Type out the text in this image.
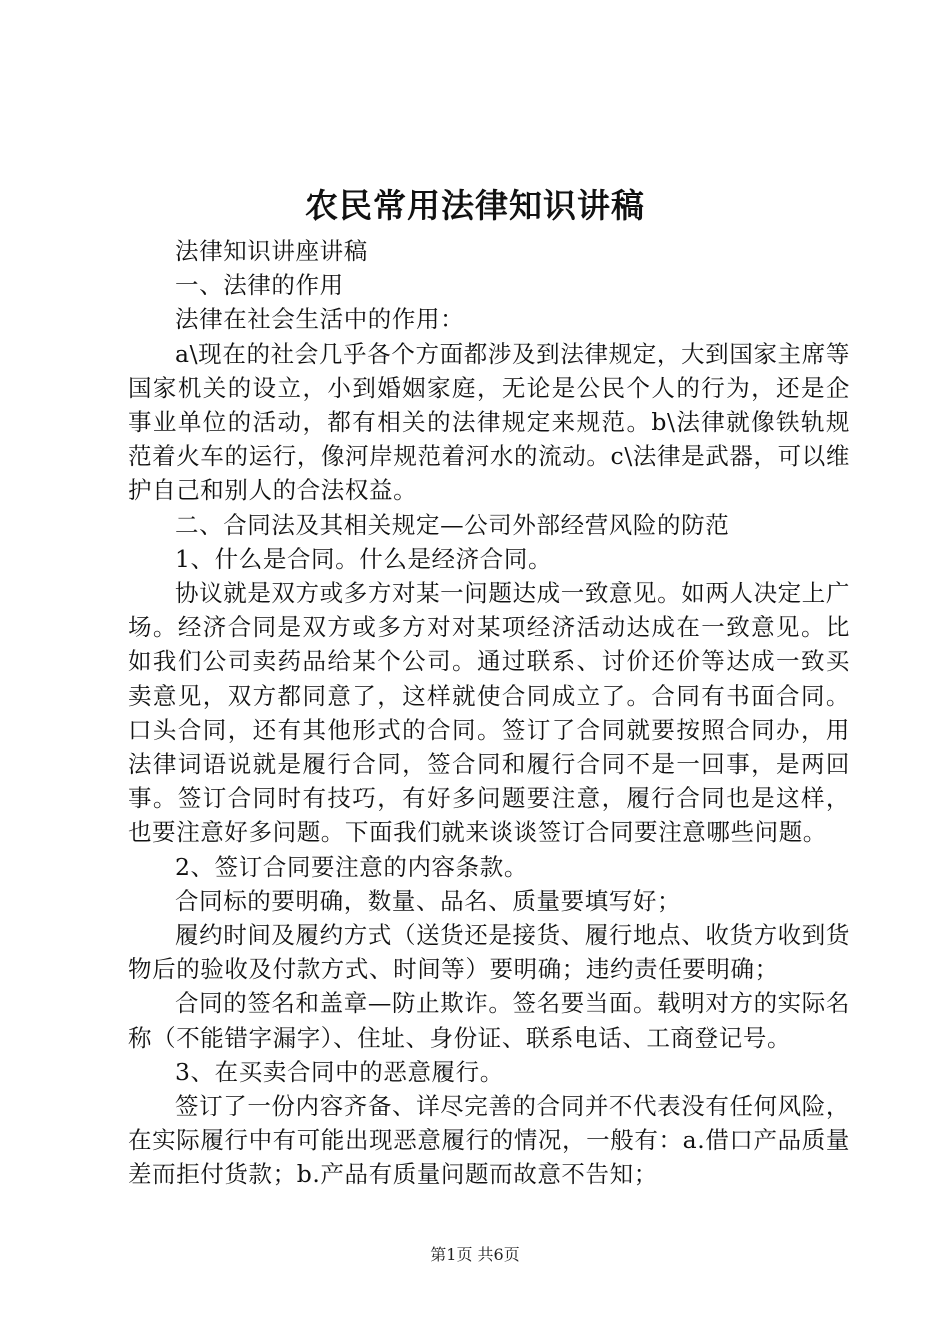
农民常用法律知识讲稿

法律知识讲座讲稿

一、法律的作用

法律在社会生活中的作用：

a\现在的社会几乎各个方面都涉及到法律规定，大到国家主席等国家机关的设立，小到婚姻家庭，无论是公民个人的行为，还是企事业单位的活动，都有相关的法律规定来规范。b\法律就像铁轨规范着火车的运行，像河岸规范着河水的流动。c\法律是武器，可以维护自己和别人的合法权益。

二、合同法及其相关规定—公司外部经营风险的防范

1、什么是合同。什么是经济合同。

协议就是双方或多方对某一问题达成一致意见。如两人决定上广场。经济合同是双方或多方对对某项经济活动达成在一致意见。比如我们公司卖药品给某个公司。通过联系、讨价还价等达成一致买卖意见，双方都同意了，这样就使合同成立了。合同有书面合同。口头合同，还有其他形式的合同。签订了合同就要按照合同办，用法律词语说就是履行合同，签合同和履行合同不是一回事，是两回事。签订合同时有技巧，有好多问题要注意，履行合同也是这样，也要注意好多问题。下面我们就来谈谈签订合同要注意哪些问题。

2、签订合同要注意的内容条款。

合同标的要明确，数量、品名、质量要填写好；

履约时间及履约方式（送货还是接货、履行地点、收货方收到货物后的验收及付款方式、时间等）要明确；违约责任要明确；

合同的签名和盖章—防止欺诈。签名要当面。载明对方的实际名称（不能错字漏字）、住址、身份证、联系电话、工商登记号。

3、在买卖合同中的恶意履行。

签订了一份内容齐备、详尽完善的合同并不代表没有任何风险，在实际履行中有可能出现恶意履行的情况，一般有：a.借口产品质量差而拒付货款；b.产品有质量问题而故意不告知；

第1页 共6页
